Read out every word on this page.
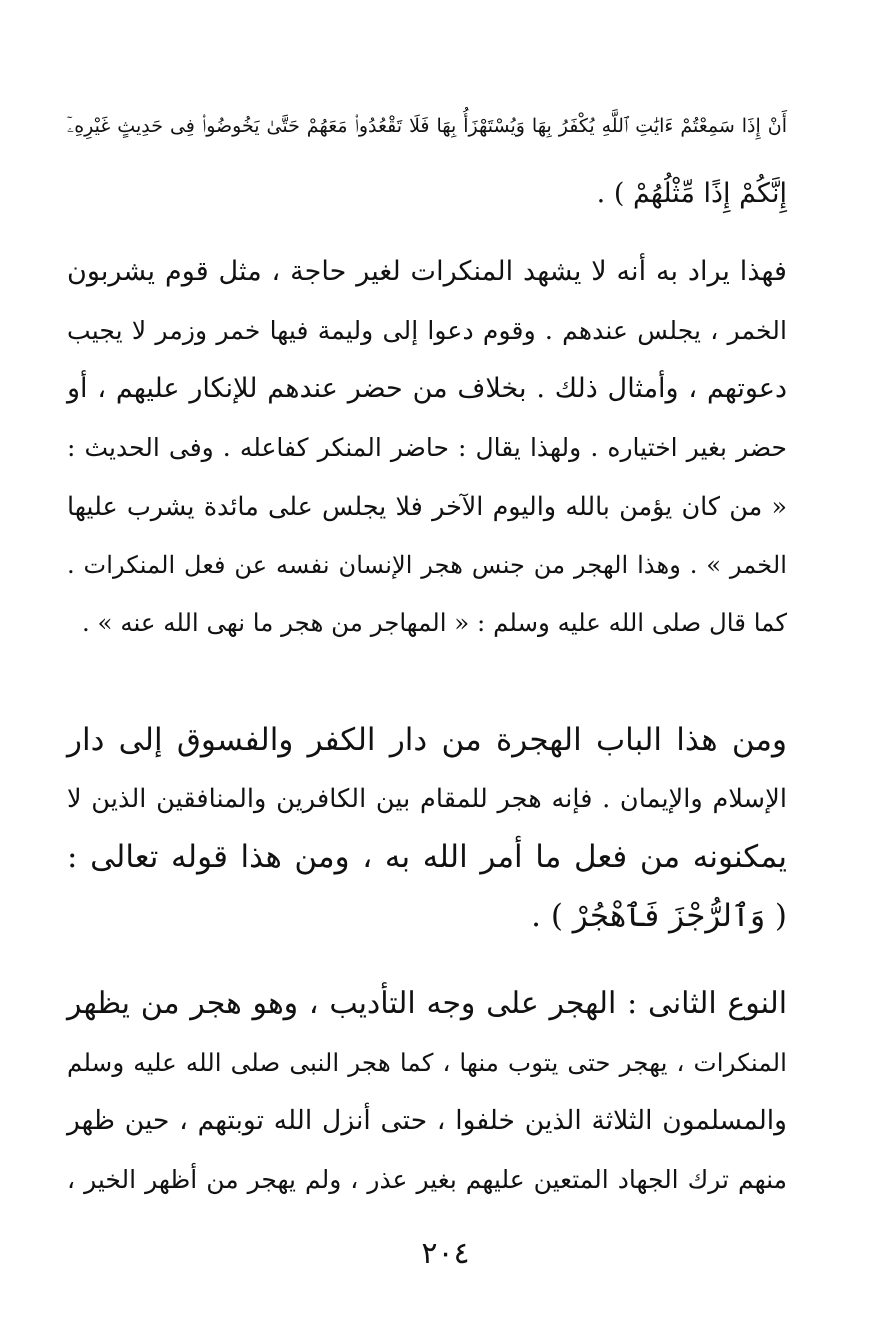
أَنْ إِذَا سَمِعْتُمْ ءَايَٰتِ ٱللَّهِ يُكْفَرُ بِهَا وَيُسْتَهْزَأُ بِهَا فَلَا تَقْعُدُوا۟ مَعَهُمْ حَتَّىٰ يَخُوضُوا۟ فِى حَدِيثٍ غَيْرِهِۦٓ
إِنَّكُمْ إِذًا مِّثْلُهُمْ ) .
فهذا يراد به أنه لا يشهد المنكرات لغير حاجة ، مثل قوم يشربون
الخمر ، يجلس عندهم . وقوم دعوا إلى وليمة فيها خمر وزمر لا يجيب
دعوتهم ، وأمثال ذلك . بخلاف من حضر عندهم للإنكار عليهم ، أو
حضر بغير اختياره . ولهذا يقال : حاضر المنكر كفاعله . وفى الحديث :
« من كان يؤمن بالله واليوم الآخر فلا يجلس على مائدة يشرب عليها
الخمر » . وهذا الهجر من جنس هجر الإنسان نفسه عن فعل المنكرات .
كما قال صلى الله عليه وسلم : « المهاجر من هجر ما نهى الله عنه » .
ومن هذا الباب الهجرة من دار الكفر والفسوق إلى دار
الإسلام والإيمان . فإنه هجر للمقام بين الكافرين والمنافقين الذين لا
يمكنونه من فعل ما أمر الله به ، ومن هذا قوله تعالى :
( وَٱلرُّجْزَ فَٱهْجُرْ ) .
النوع الثانى : الهجر على وجه التأديب ، وهو هجر من يظهر
المنكرات ، يهجر حتى يتوب منها ، كما هجر النبى صلى الله عليه وسلم
والمسلمون الثلاثة الذين خلفوا ، حتى أنزل الله توبتهم ، حين ظهر
منهم ترك الجهاد المتعين عليهم بغير عذر ، ولم يهجر من أظهر الخير ،
٢٠٤
